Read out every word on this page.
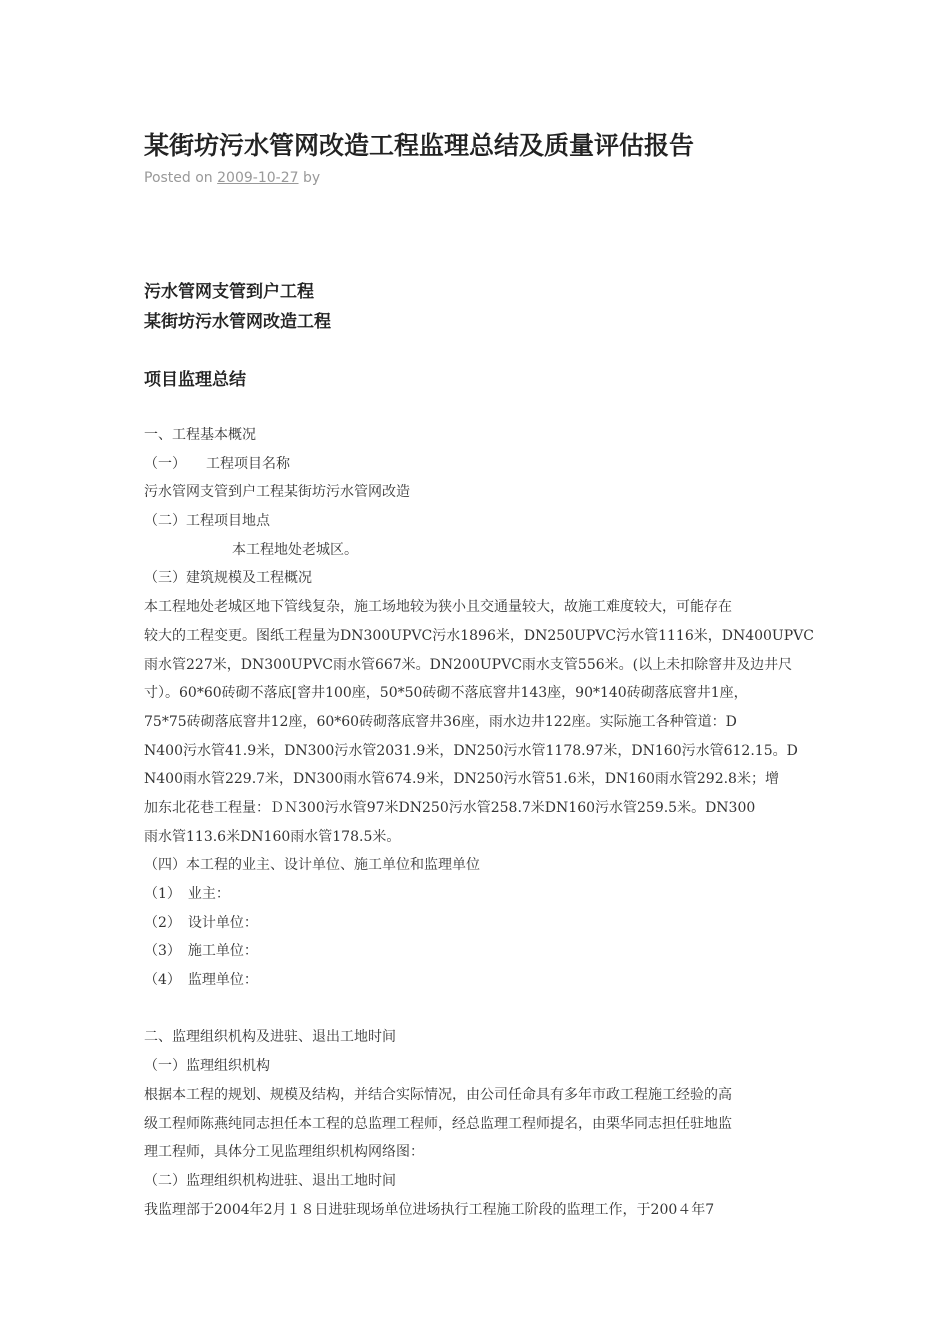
某街坊污水管网改造工程监理总结及质量评估报告
Posted on 2009-10-27 by
污水管网支管到户工程
某街坊污水管网改造工程
项目监理总结
一、工程基本概况
（一） 工程项目名称
污水管网支管到户工程某街坊污水管网改造
（二）工程项目地点
本工程地处老城区。
（三）建筑规模及工程概况
本工程地处老城区地下管线复杂，施工场地较为狭小且交通量较大，故施工难度较大，可能存在
较大的工程变更。图纸工程量为DN300UPVC污水1896米，DN250UPVC污水管1116米，DN400UPVC
雨水管227米，DN300UPVC雨水管667米。DN200UPVC雨水支管556米。(以上未扣除窨井及边井尺
寸）。60*60砖砌不落底[窨井100座，50*50砖砌不落底窨井143座，90*140砖砌落底窨井1座，
75*75砖砌落底窨井12座，60*60砖砌落底窨井36座，雨水边井122座。实际施工各种管道：D
N400污水管41.9米，DN300污水管2031.9米，DN250污水管1178.97米，DN160污水管612.15。D
N400雨水管229.7米，DN300雨水管674.9米，DN250污水管51.6米，DN160雨水管292.8米；增
加东北花巷工程量：ＤＮ300污水管97米DN250污水管258.7米DN160污水管259.5米。DN300
雨水管113.6米DN160雨水管178.5米。
（四）本工程的业主、设计单位、施工单位和监理单位
（1）　业主：
（2）　设计单位：
（3）　施工单位：
（4）　监理单位：
二、监理组织机构及进驻、退出工地时间
（一）监理组织机构
根据本工程的规划、规模及结构，并结合实际情况，由公司任命具有多年市政工程施工经验的高
级工程师陈燕纯同志担任本工程的总监理工程师，经总监理工程师提名，由栗华同志担任驻地监
理工程师，具体分工见监理组织机构网络图：
（二）监理组织机构进驻、退出工地时间
我监理部于2004年2月１８日进驻现场单位进场执行工程施工阶段的监理工作，于200４年7
